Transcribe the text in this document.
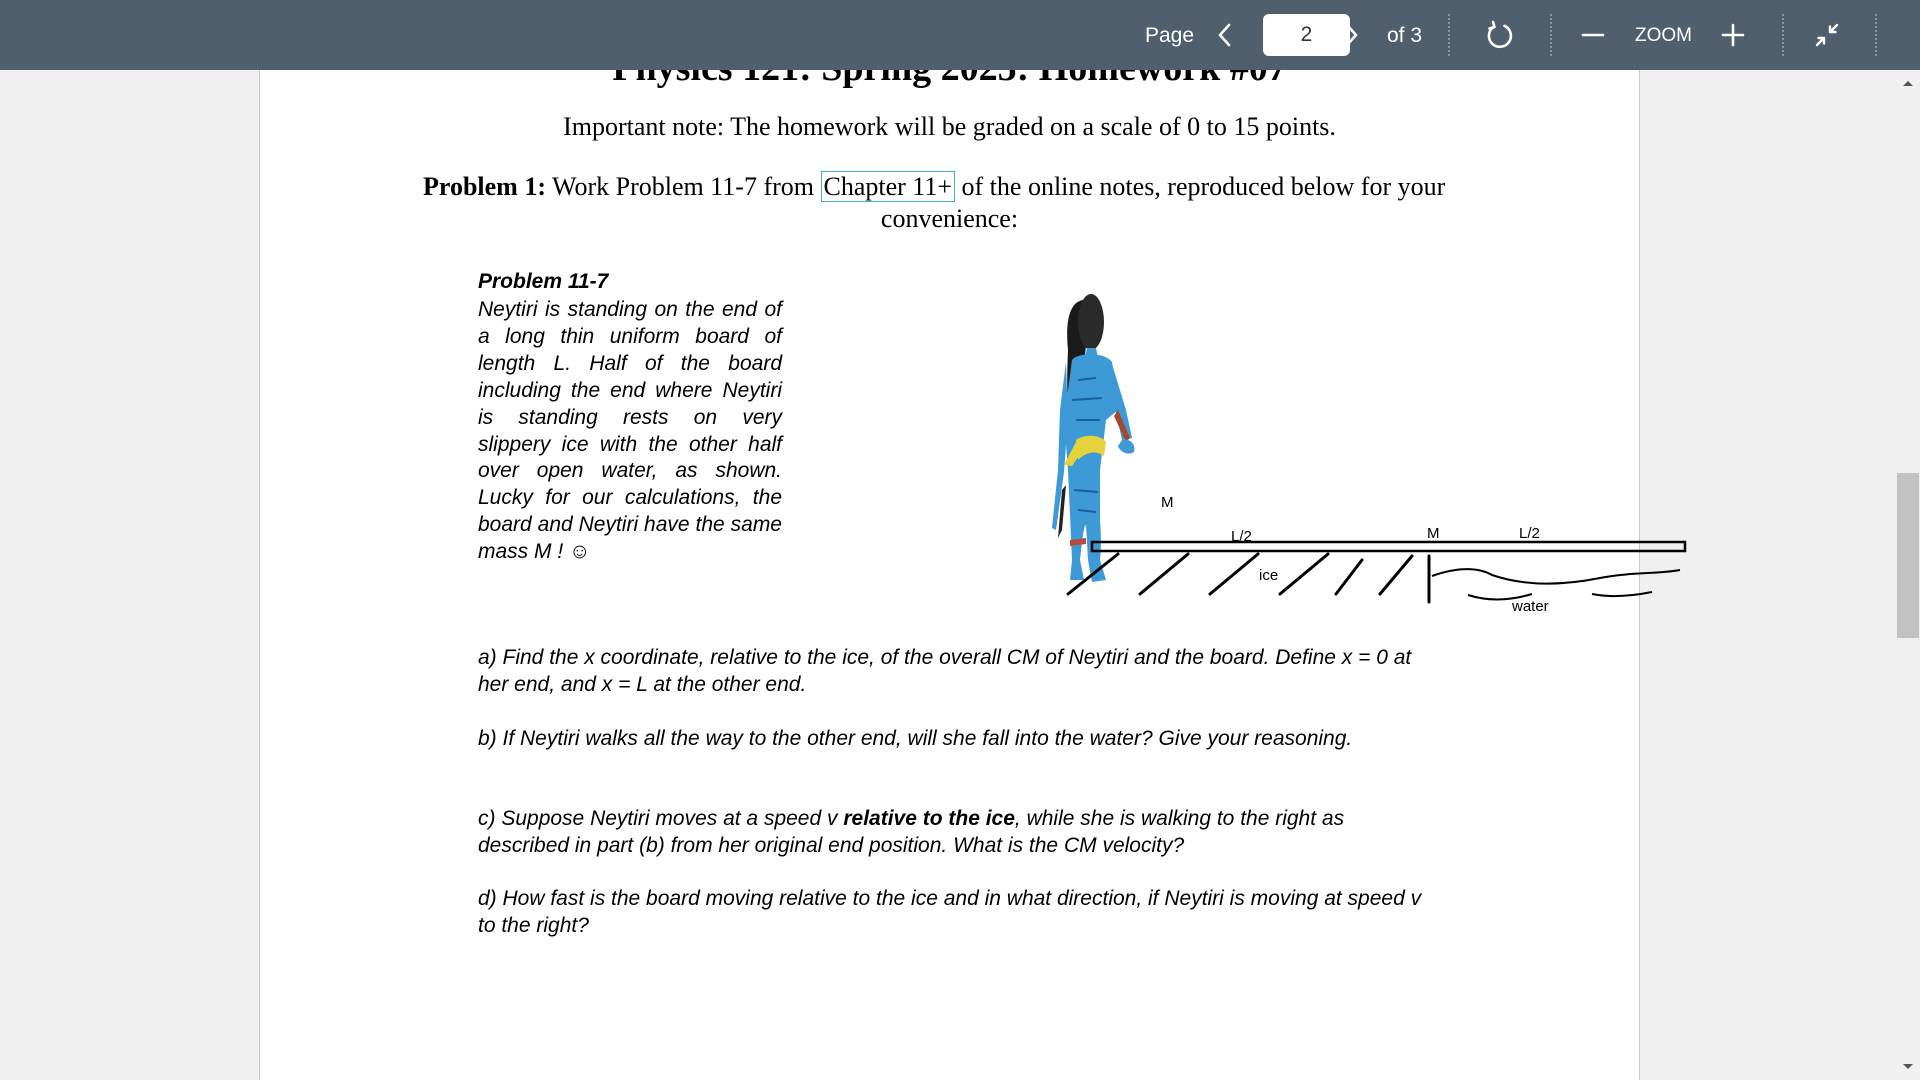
Page
2	of 3	ZOOM
Important note: The homework will be graded on a scale of 0 to 15 points.
Problem 1: Work Problem 11-7 from Chapter 11+ of the online notes, reproduced below for your
convenience:
Problem 11-7
Neytiri is standing on the end of a long thin uniform board of length L. Half of the board including the end where Neytiri is standing rests on very slippery ice with the other half over open water, as shown. Lucky for our calculations, the board and Neytiri have the same mass M ! ☺
M
L/2	M	L/2
ice
water
a) Find the x coordinate, relative to the ice, of the overall CM of Neytiri and the board. Define x = 0 at her end, and x = L at the other end.
b) If Neytiri walks all the way to the other end, will she fall into the water? Give your reasoning.
c) Suppose Neytiri moves at a speed v relative to the ice, while she is walking to the right as described in part (b) from her original end position. What is the CM velocity?
d) How fast is the board moving relative to the ice and in what direction, if Neytiri is moving at speed v to the right?
